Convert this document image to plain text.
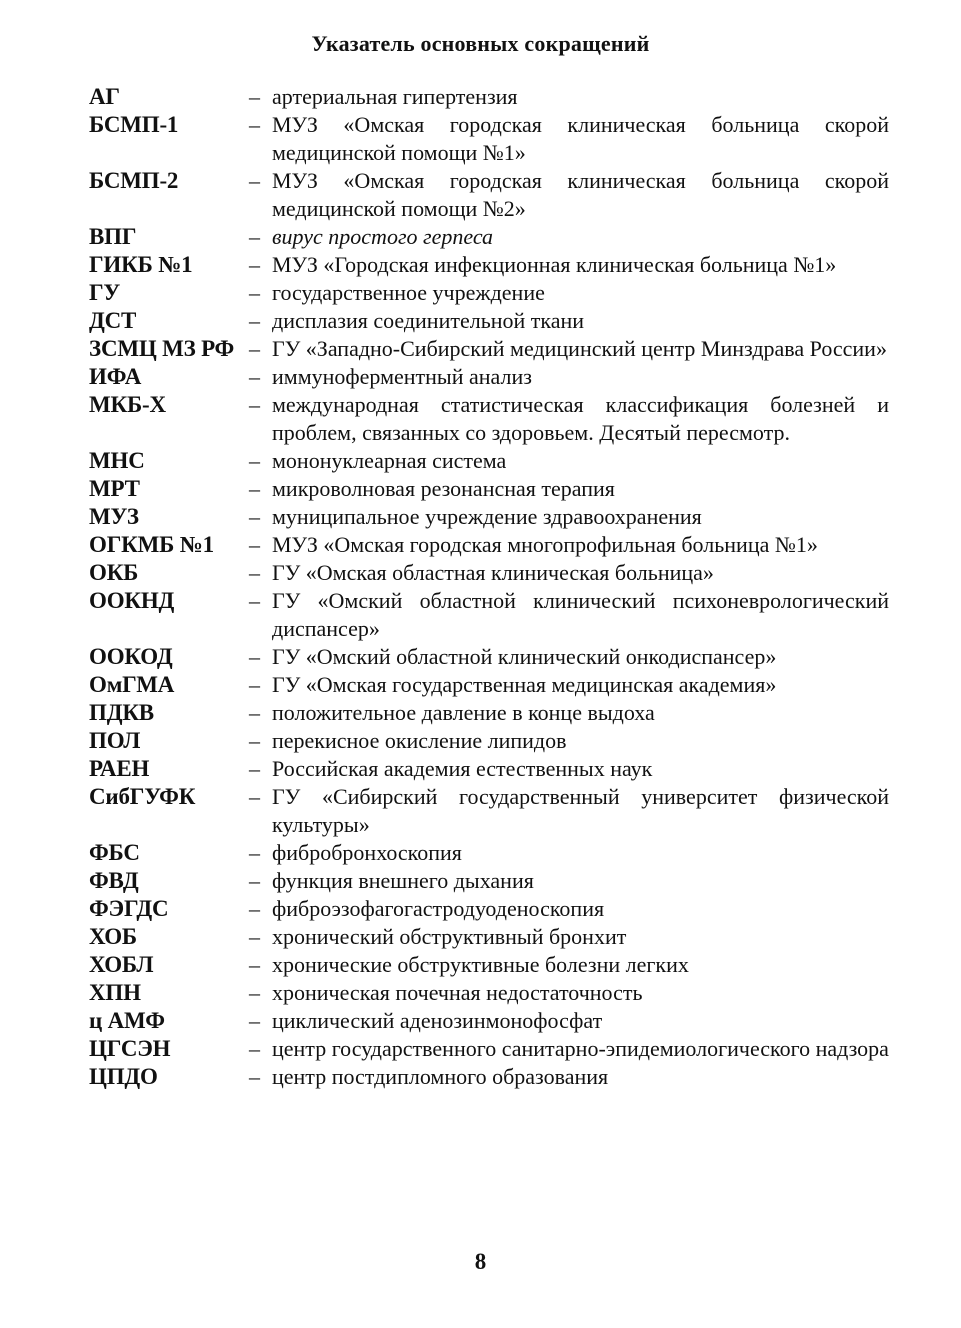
Указатель основных сокращений
АГ	– артериальная гипертензия
БСМП-1	– МУЗ «Омская городская клиническая больница скорой медицинской помощи №1»
БСМП-2	– МУЗ «Омская городская клиническая больница скорой медицинской помощи №2»
ВПГ	– вирус простого герпеса
ГИКБ №1	– МУЗ «Городская инфекционная клиническая больница №1»
ГУ	– государственное учреждение
ДСТ	– дисплазия соединительной ткани
ЗСМЦ МЗ РФ – ГУ «Западно-Сибирский медицинский центр Минздрава России»
ИФА	– иммуноферментный анализ
МКБ-Х	– международная статистическая классификация болезней и проблем, связанных со здоровьем. Десятый пересмотр.
МНС	– мононуклеарная система
МРТ	– микроволновая резонансная терапия
МУЗ	– муниципальное учреждение здравоохранения
ОГКМБ №1 – МУЗ «Омская городская многопрофильная больница №1»
ОКБ	– ГУ «Омская областная клиническая больница»
ООКНД	– ГУ «Омский областной клинический психоневрологический диспансер»
ООКОД	– ГУ «Омский областной клинический онкодиспансер»
ОмГМА	– ГУ «Омская государственная медицинская академия»
ПДКВ	– положительное давление в конце выдоха
ПОЛ	– перекисное окисление липидов
РАЕН	– Российская академия естественных наук
СибГУФК – ГУ «Сибирский государственный университет физической культуры»
ФБС	– фибробронхоскопия
ФВД	– функция внешнего дыхания
ФЭГДС	– фиброэзофагогастродуоденоскопия
ХОБ	– хронический обструктивный бронхит
ХОБЛ	– хронические обструктивные болезни легких
ХПН	– хроническая почечная недостаточность
ц АМФ	– циклический аденозинмонофосфат
ЦГСЭН	– центр государственного санитарно-эпидемиологического надзора
ЦПДО	– центр постдипломного образования
8
